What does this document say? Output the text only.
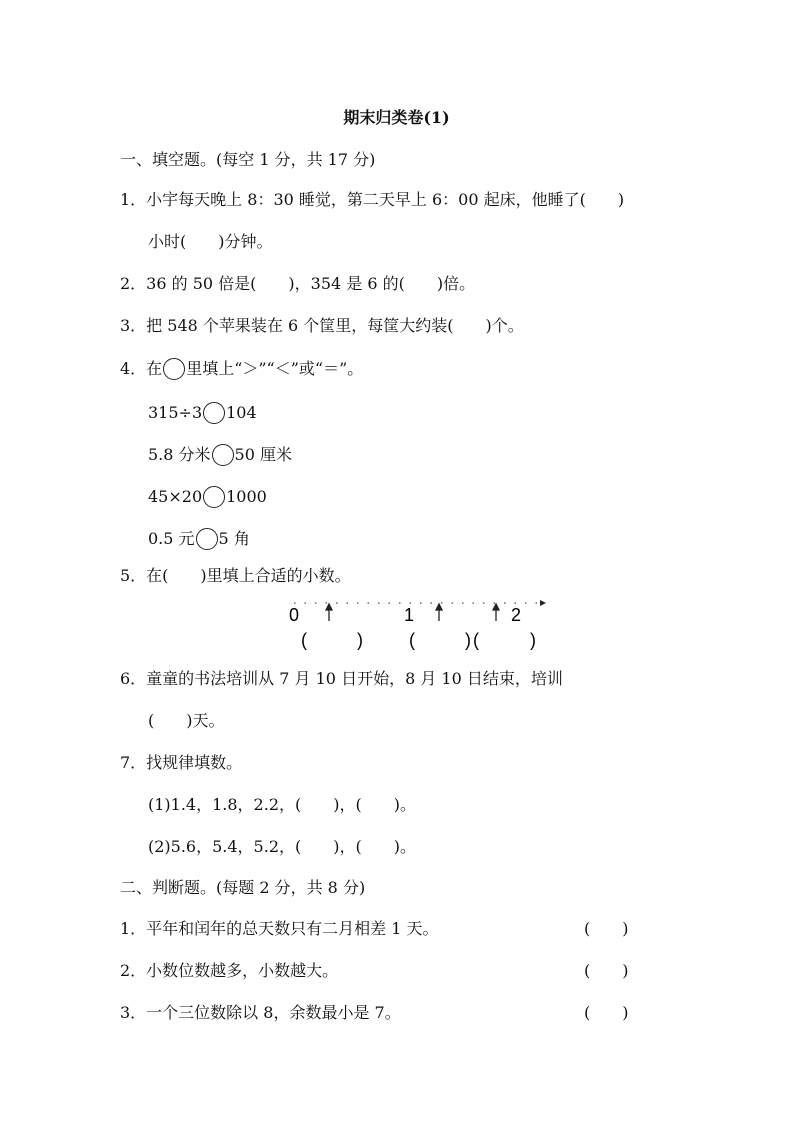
期末归类卷(1)
一、填空题。(每空 1 分，共 17 分)
1．小宇每天晚上 8：30 睡觉，第二天早上 6：00 起床，他睡了(　　)
小时(　　)分钟。
2．36 的 50 倍是(　　)，354 是 6 的(　　)倍。
3．把 548 个苹果装在 6 个筐里，每筐大约装(　　)个。
4．在 里填上“＞”“＜”或“＝”。
315÷3 104
5.8 分米 50 厘米
45×20 1000
0.5 元 5 角
5．在(　　)里填上合适的小数。
0	1	2
(	)	(	) (	)
6．童童的书法培训从 7 月 10 日开始，8 月 10 日结束，培训
(　　)天。
7．找规律填数。
(1)1.4，1.8，2.2，(　　)，(　　)。
(2)5.6，5.4，5.2，(　　)，(　　)。
二、判断题。(每题 2 分，共 8 分)
1．平年和闰年的总天数只有二月相差 1 天。	(　　)
2．小数位数越多，小数越大。	(　　)
3．一个三位数除以 8，余数最小是 7。	(　　)
